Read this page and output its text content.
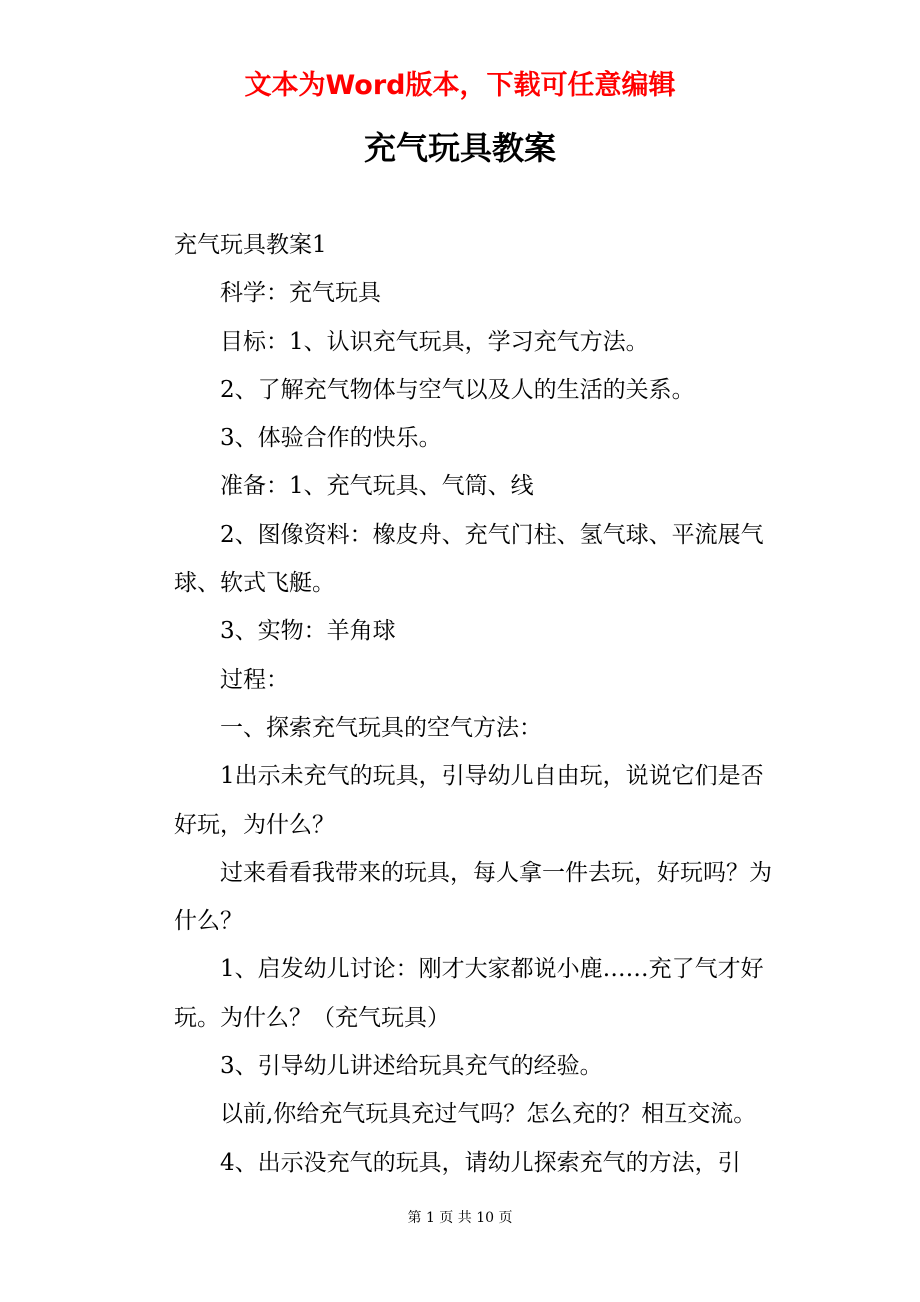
文本为Word版本，下载可任意编辑
充气玩具教案

充气玩具教案1

科学：充气玩具

目标：1、认识充气玩具，学习充气方法。

2、了解充气物体与空气以及人的生活的关系。

3、体验合作的快乐。

准备：1、充气玩具、气筒、线

2、图像资料：橡皮舟、充气门柱、氢气球、平流展气球、软式飞艇。

3、实物：羊角球

过程：

一、探索充气玩具的空气方法：

1出示未充气的玩具，引导幼儿自由玩，说说它们是否好玩，为什么？

过来看看我带来的玩具，每人拿一件去玩，好玩吗？为什么？

1、启发幼儿讨论：刚才大家都说小鹿……充了气才好玩。为什么？（充气玩具）

3、引导幼儿讲述给玩具充气的经验。

以前,你给充气玩具充过气吗？怎么充的？相互交流。

4、出示没充气的玩具，请幼儿探索充气的方法，引

第 1 页 共 10 页
